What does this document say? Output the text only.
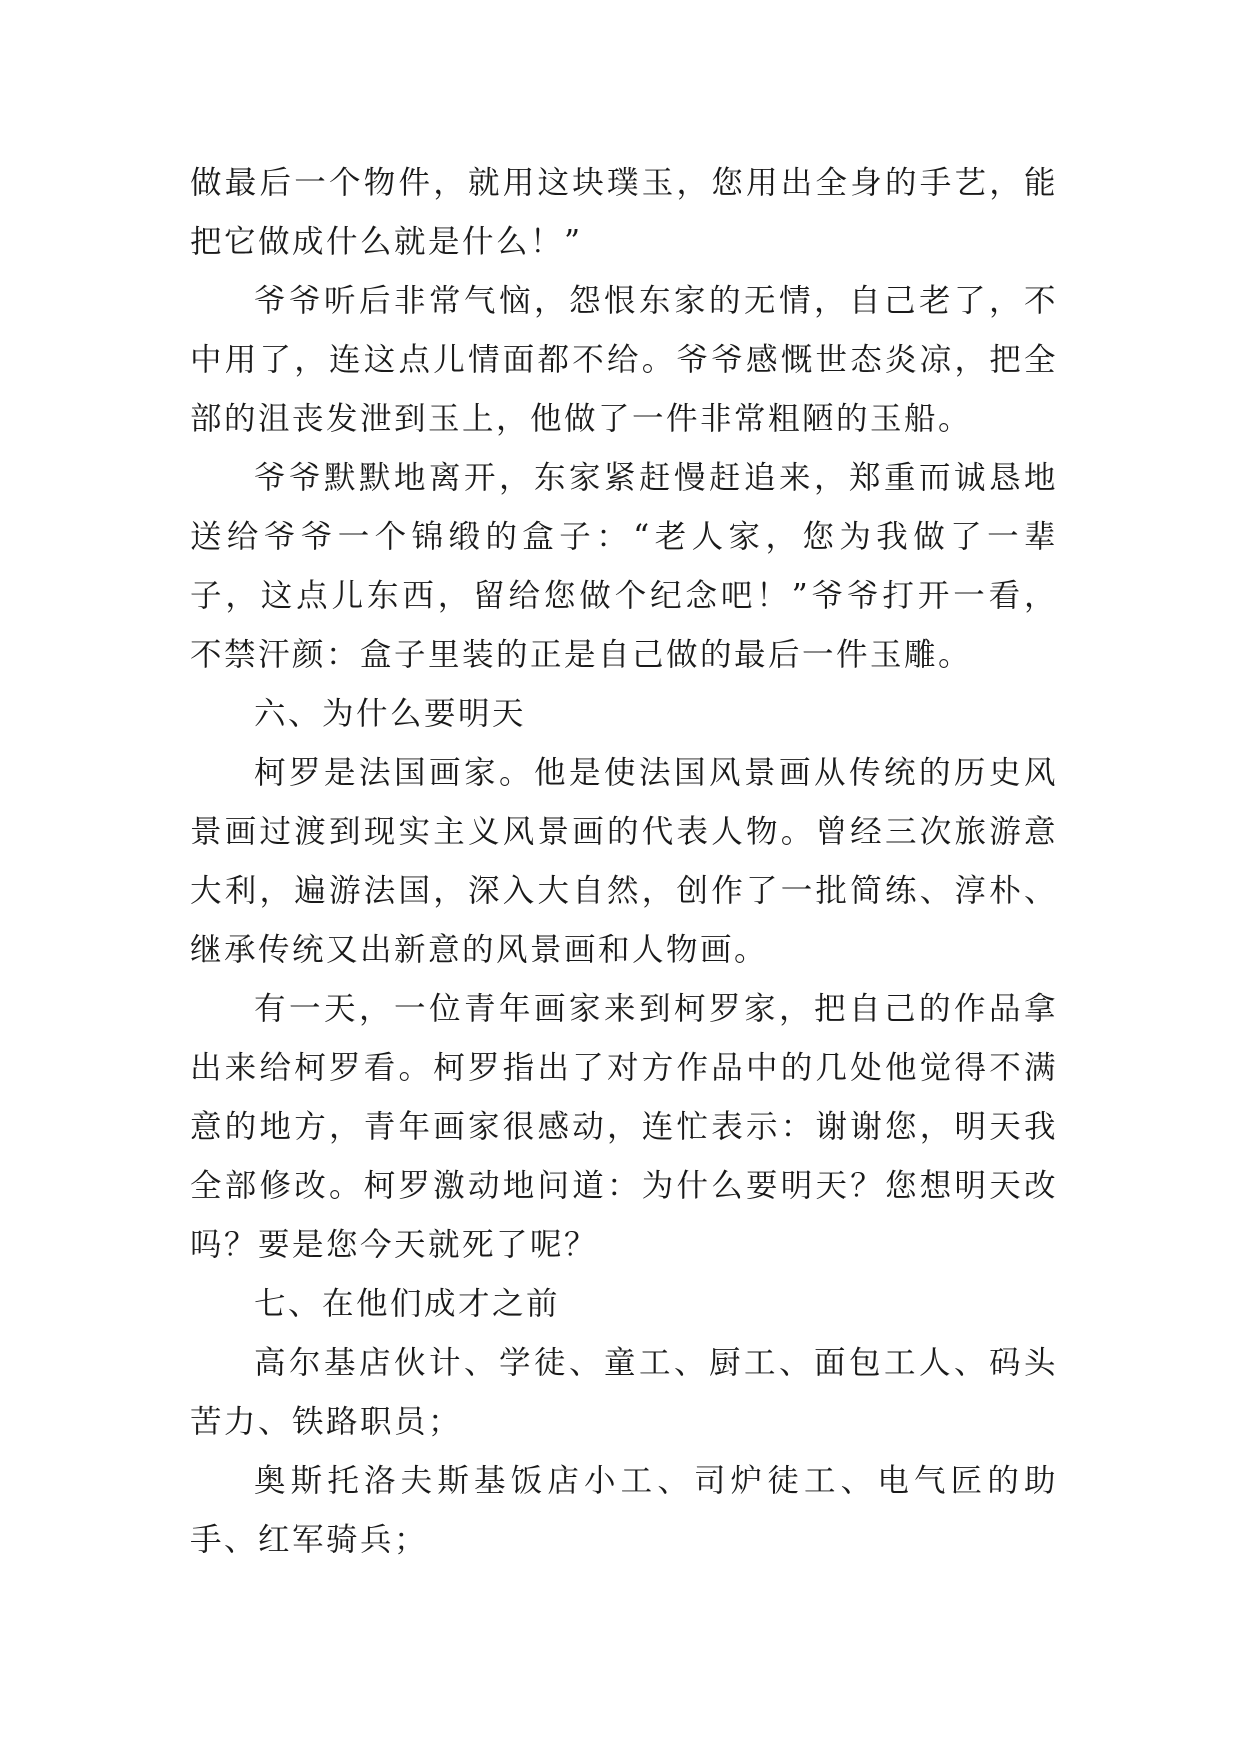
做最后一个物件，就用这块璞玉，您用出全身的手艺，能把它做成什么就是什么！”

爷爷听后非常气恼，怨恨东家的无情，自己老了，不中用了，连这点儿情面都不给。爷爷感慨世态炎凉，把全部的沮丧发泄到玉上，他做了一件非常粗陋的玉船。

爷爷默默地离开，东家紧赶慢赶追来，郑重而诚恳地送给爷爷一个锦缎的盒子：“老人家，您为我做了一辈子，这点儿东西，留给您做个纪念吧！”爷爷打开一看，不禁汗颜：盒子里装的正是自己做的最后一件玉雕。

六、为什么要明天

柯罗是法国画家。他是使法国风景画从传统的历史风景画过渡到现实主义风景画的代表人物。曾经三次旅游意大利，遍游法国，深入大自然，创作了一批简练、淳朴、继承传统又出新意的风景画和人物画。

有一天，一位青年画家来到柯罗家，把自己的作品拿出来给柯罗看。柯罗指出了对方作品中的几处他觉得不满意的地方，青年画家很感动，连忙表示：谢谢您，明天我全部修改。柯罗激动地问道：为什么要明天？您想明天改吗？要是您今天就死了呢？

七、在他们成才之前

高尔基店伙计、学徒、童工、厨工、面包工人、码头苦力、铁路职员；

奥斯托洛夫斯基饭店小工、司炉徒工、电气匠的助手、红军骑兵；
